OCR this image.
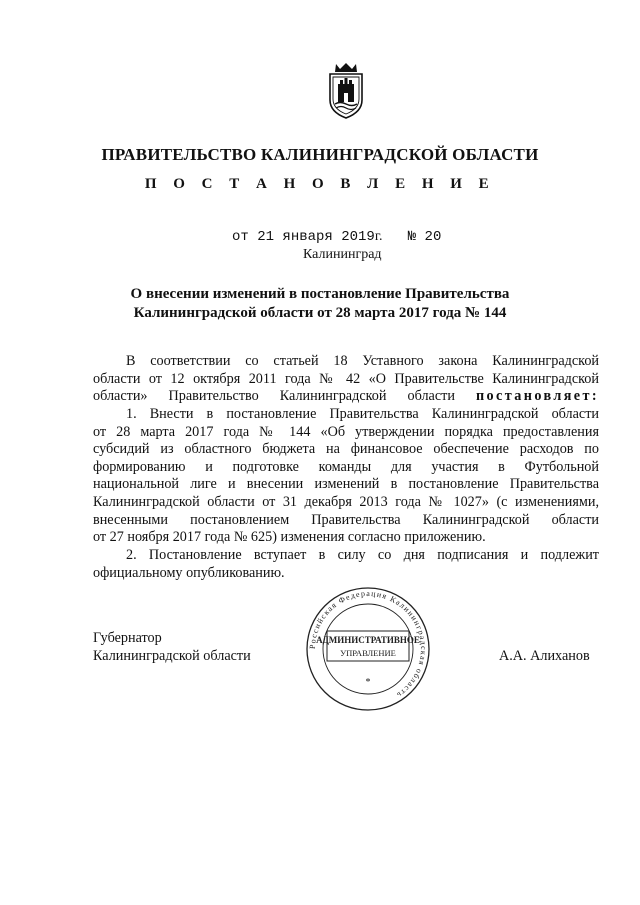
ПРАВИТЕЛЬСТВО КАЛИНИНГРАДСКОЙ ОБЛАСТИ
П О С Т А Н О В Л Е Н И Е
от 21 января 2019г. № 20
Калининград
О внесении изменений в постановление Правительства
Калининградской области от 28 марта 2017 года № 144
В соответствии со статьей 18 Уставного закона Калининградской
области от 12 октября 2011 года № 42 «О Правительстве Калининградской
области» Правительство Калининградской области постановляет:
1. Внести в постановление Правительства Калининградской области
от 28 марта 2017 года № 144 «Об утверждении порядка предоставления
субсидий из областного бюджета на финансовое обеспечение расходов по
формированию и подготовке команды для участия в Футбольной
национальной лиге и внесении изменений в постановление Правительства
Калининградской области от 31 декабря 2013 года № 1027» (с изменениями,
внесенными постановлением Правительства Калининградской области
от 27 ноября 2017 года № 625) изменения согласно приложению.
2. Постановление вступает в силу со дня подписания и подлежит
официальному опубликованию.
Губернатор
Калининградской области	А.А. Алиханов
Российская Федерация Калининградская область
АДМИНИСТРАТИВНОЕ
УПРАВЛЕНИЕ
*
